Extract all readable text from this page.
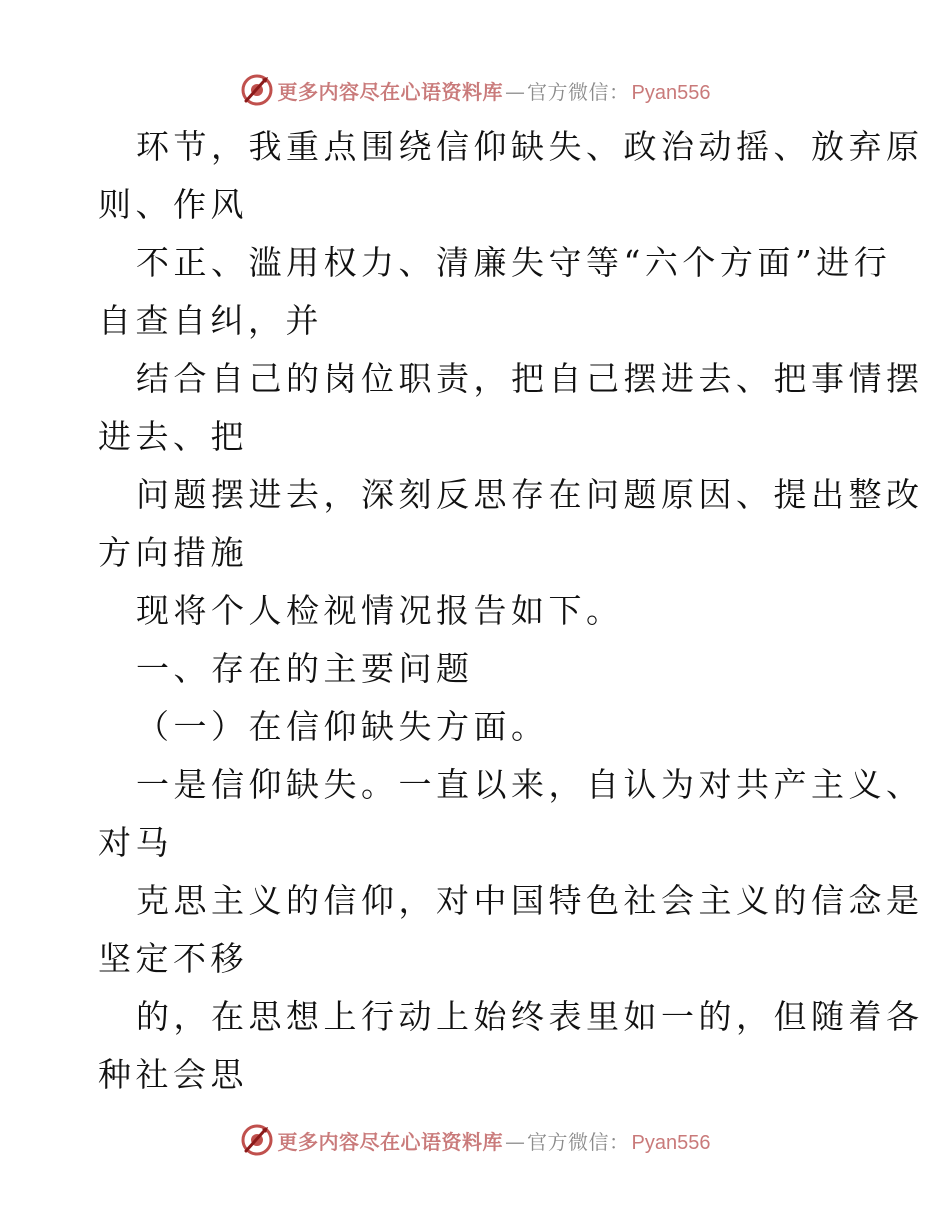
更多内容尽在心语资料库 — 官方微信： Pyan556

环节，我重点围绕信仰缺失、政治动摇、放弃原

则、作风

不正、滥用权力、清廉失守等“六个方面”进行

自查自纠，并

结合自己的岗位职责，把自己摆进去、把事情摆

进去、把

问题摆进去，深刻反思存在问题原因、提出整改

方向措施

现将个人检视情况报告如下。

一、存在的主要问题

（一）在信仰缺失方面。

一是信仰缺失。一直以来，自认为对共产主义、

对马

克思主义的信仰，对中国特色社会主义的信念是

坚定不移

的，在思想上行动上始终表里如一的，但随着各

种社会思

更多内容尽在心语资料库 — 官方微信： Pyan556
